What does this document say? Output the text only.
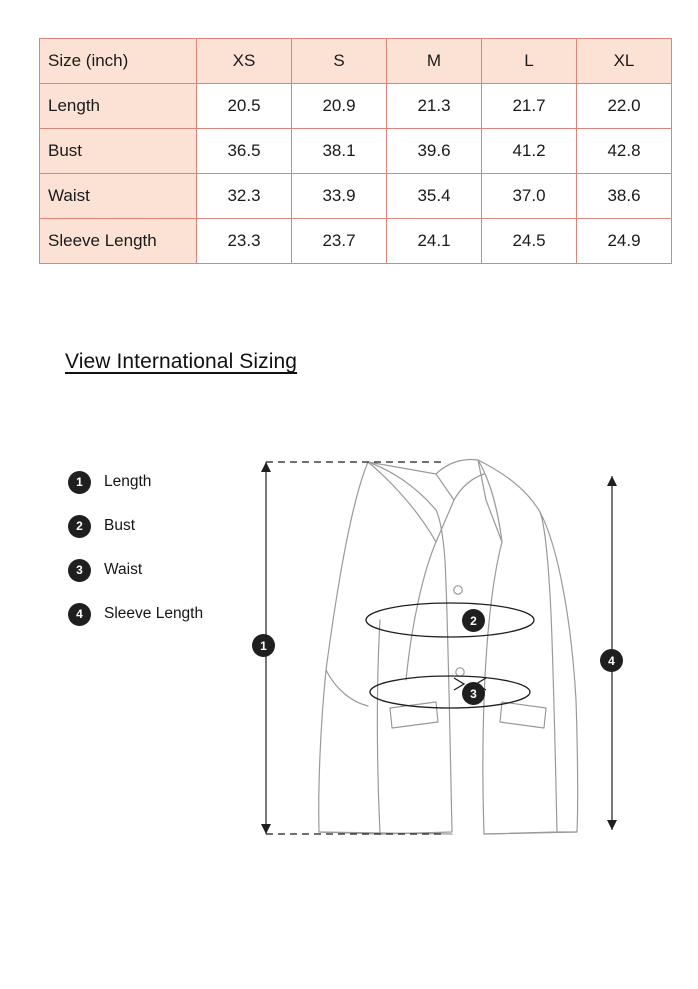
Size (inch)	XS	S	M	L	XL
Length	20.5	20.9	21.3	21.7	22.0
Bust	36.5	38.1	39.6	41.2	42.8
Waist	32.3	33.9	35.4	37.0	38.6
Sleeve Length	23.3	23.7	24.1	24.5	24.9
View International Sizing
1	Length
2	Bust
3	Waist
4	Sleeve Length
1
2
3
4
